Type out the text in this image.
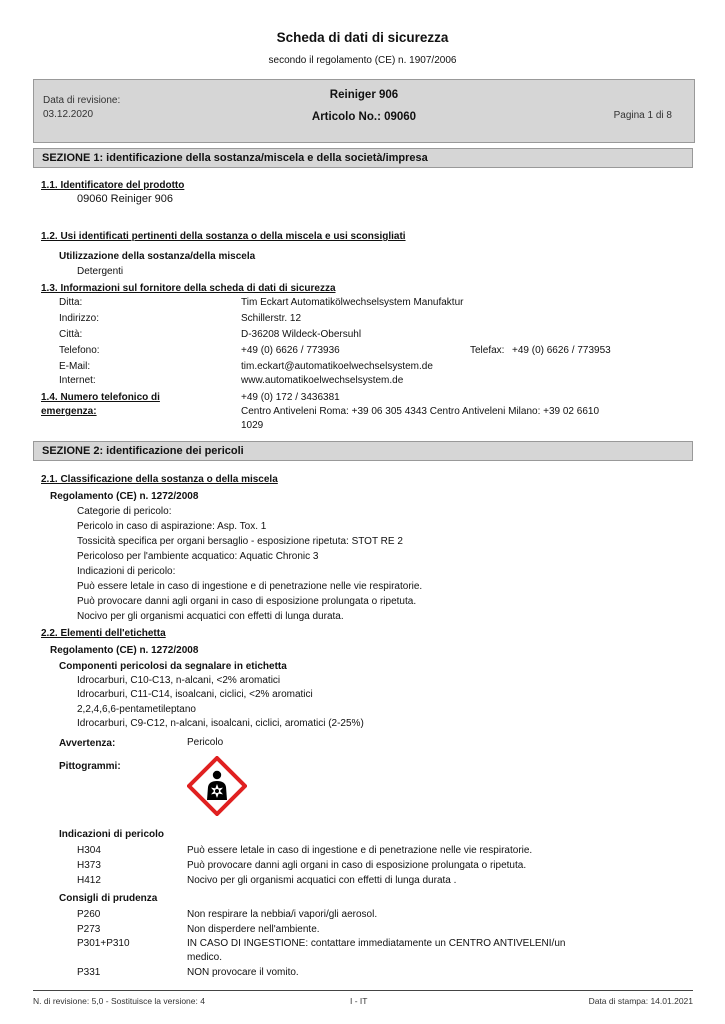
Scheda di dati di sicurezza
secondo il regolamento (CE) n. 1907/2006
Data di revisione:
03.12.2020
Reiniger 906
Articolo No.: 09060	Pagina 1 di 8
SEZIONE 1: identificazione della sostanza/miscela e della società/impresa
1.1. Identificatore del prodotto
09060 Reiniger 906
1.2. Usi identificati pertinenti della sostanza o della miscela e usi sconsigliati
Utilizzazione della sostanza/della miscela
Detergenti
1.3. Informazioni sul fornitore della scheda di dati di sicurezza
Ditta:	Tim Eckart Automatikölwechselsystem Manufaktur
Indirizzo:	Schillerstr. 12
Città:	D-36208 Wildeck-Obersuhl
Telefono:	+49 (0) 6626 / 773936	Telefax: +49 (0) 6626 / 773953
E-Mail:	tim.eckart@automatikoelwechselsystem.de
Internet:	www.automatikoelwechselsystem.de
1.4. Numero telefonico di
emergenza:
+49 (0) 172 / 3436381
Centro Antiveleni Roma: +39 06 305 4343 Centro Antiveleni Milano: +39 02 6610
1029
SEZIONE 2: identificazione dei pericoli
2.1. Classificazione della sostanza o della miscela
Regolamento (CE) n. 1272/2008
Categorie di pericolo:
Pericolo in caso di aspirazione: Asp. Tox. 1
Tossicità specifica per organi bersaglio - esposizione ripetuta: STOT RE 2
Pericoloso per l'ambiente acquatico: Aquatic Chronic 3
Indicazioni di pericolo:
Può essere letale in caso di ingestione e di penetrazione nelle vie respiratorie.
Può provocare danni agli organi in caso di esposizione prolungata o ripetuta.
Nocivo per gli organismi acquatici con effetti di lunga durata.
2.2. Elementi dell'etichetta
Regolamento (CE) n. 1272/2008
Componenti pericolosi da segnalare in etichetta
Idrocarburi, C10-C13, n-alcani, <2% aromatici
Idrocarburi, C11-C14, isoalcani, ciclici, <2% aromatici
2,2,4,6,6-pentametileptano
Idrocarburi, C9-C12, n-alcani, isoalcani, ciclici, aromatici (2-25%)
Avvertenza:	Pericolo
Pittogrammi:
Indicazioni di pericolo
H304	Può essere letale in caso di ingestione e di penetrazione nelle vie respiratorie.
H373	Può provocare danni agli organi in caso di esposizione prolungata o ripetuta.
H412	Nocivo per gli organismi acquatici con effetti di lunga durata .
Consigli di prudenza
P260	Non respirare la nebbia/i vapori/gli aerosol.
P273	Non disperdere nell'ambiente.
P301+P310	IN CASO DI INGESTIONE: contattare immediatamente un CENTRO ANTIVELENI/un
medico.
P331	NON provocare il vomito.
N. di revisione: 5,0 - Sostituisce la versione: 4	I - IT	Data di stampa: 14.01.2021
